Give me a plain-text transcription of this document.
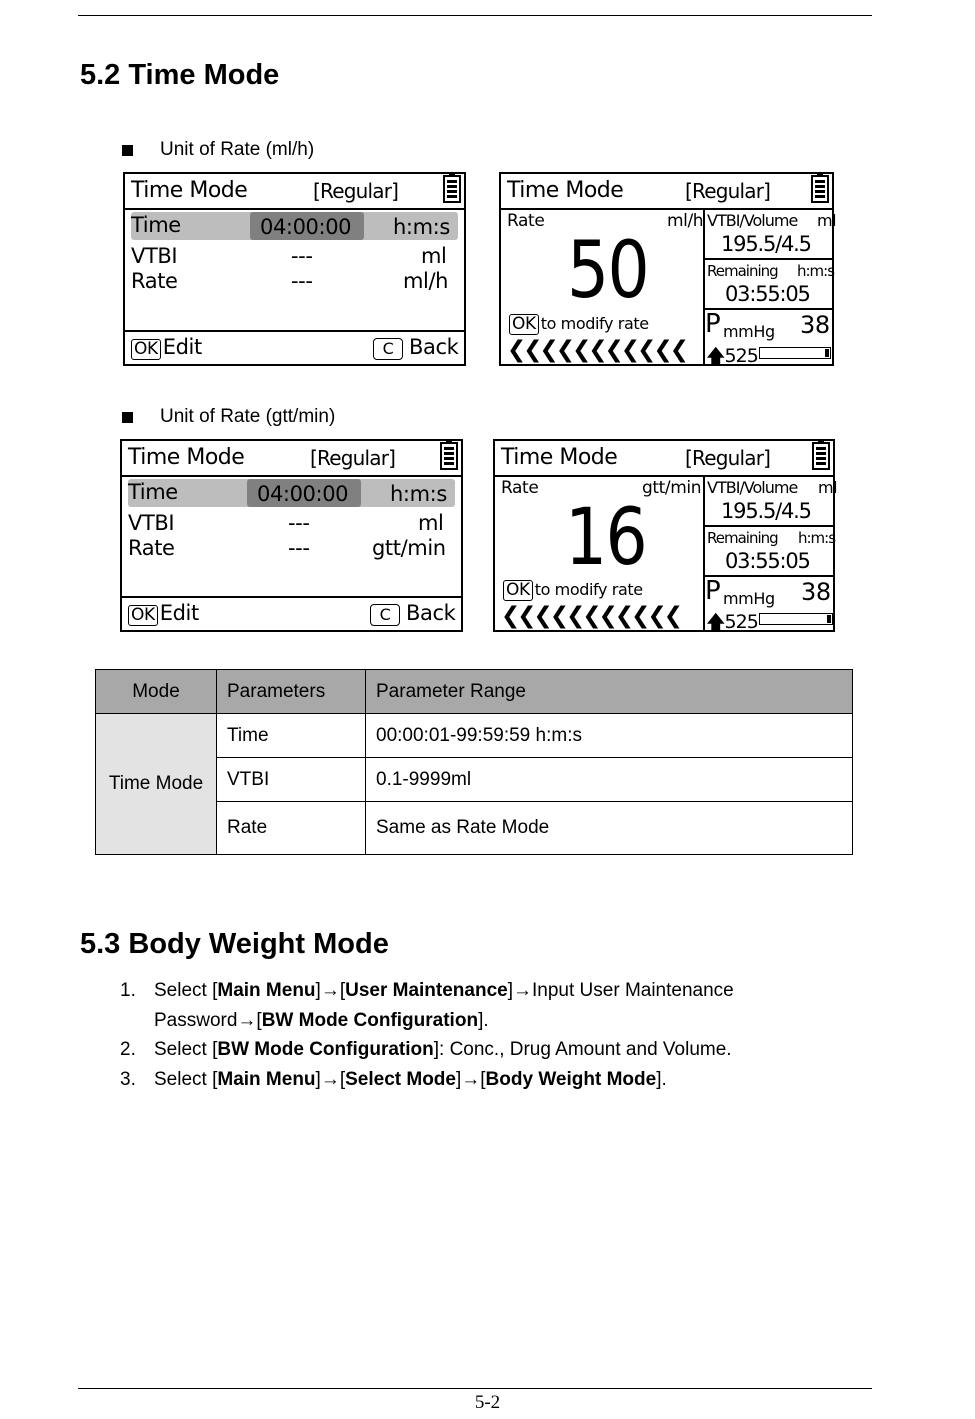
5.2 Time Mode
Unit of Rate (ml/h)
Time Mode	[Regular]
Time	04:00:00 h:m:s
VTBI	---	ml
Rate	---	ml/h
OK Edit	C Back
Time Mode	[Regular]
Rate	ml/h
50
OK to modify rate
❮❮❮❮❮❮❮❮❮❮❮
VTBI/Volume ml
195.5/4.5
Remaining h:m:s
03:55:05
P mmHg 38
🡅525
Unit of Rate (gtt/min)
Time Mode	[Regular]
Time	04:00:00 h:m:s
VTBI	---	ml
Rate	---	gtt/min
OK Edit	C Back
Time Mode	[Regular]
Rate	gtt/min
16
OK to modify rate
❮❮❮❮❮❮❮❮❮❮❮
VTBI/Volume ml
195.5/4.5
Remaining h:m:s
03:55:05
P mmHg 38
🡅525
Mode	Parameters	Parameter Range
Time Mode	Time	00:00:01-99:59:59 h:m:s
	VTBI	0.1-9999ml
	Rate	Same as Rate Mode
5.3 Body Weight Mode
1. Select [Main Menu]→[User Maintenance]→Input User Maintenance
Password→[BW Mode Configuration].
2. Select [BW Mode Configuration]: Conc., Drug Amount and Volume.
3. Select [Main Menu]→[Select Mode]→[Body Weight Mode].
5-2
